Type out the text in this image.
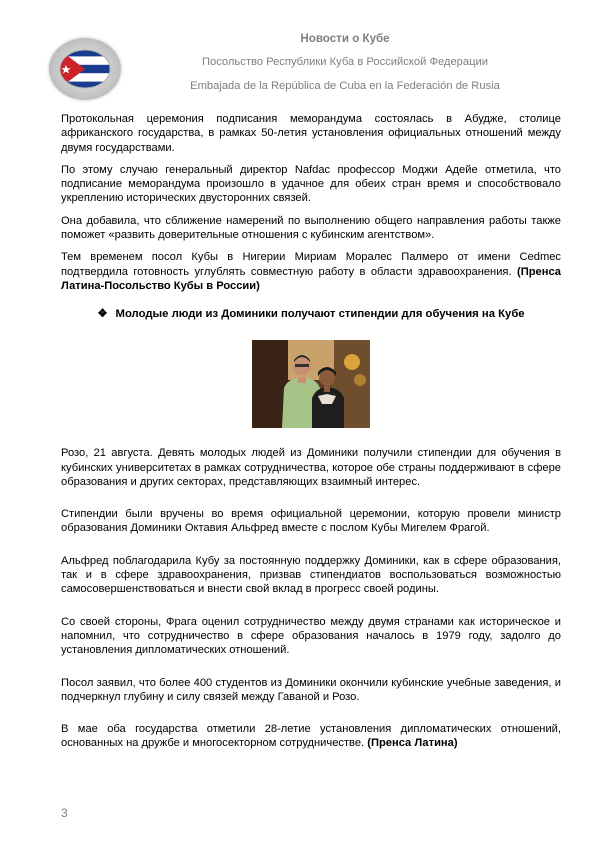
Новости о Кубе
Посольство Республики Куба в Российской Федерации
Embajada de la República de Cuba en la Federación de Rusia

Протокольная церемония подписания меморандума состоялась в Абудже, столице африканского государства, в рамках 50-летия установления официальных отношений между двумя государствами.

По этому случаю генеральный директор Nafdac профессор Моджи Адейе отметила, что подписание меморандума произошло в удачное для обеих стран время и способствовало укреплению исторических двусторонних связей.

Она добавила, что сближение намерений по выполнению общего направления работы также поможет «развить доверительные отношения с кубинским агентством».

Тем временем посол Кубы в Нигерии Мириам Моралес Палмеро от имени Cedmec подтвердила готовность углублять совместную работу в области здравоохранения. (Пренса Латина-Посольство Кубы в России)

❖ Молодые люди из Доминики получают стипендии для обучения на Кубе

Розо, 21 августа. Девять молодых людей из Доминики получили стипендии для обучения в кубинских университетах в рамках сотрудничества, которое обе страны поддерживают в сфере образования и других секторах, представляющих взаимный интерес.

Стипендии были вручены во время официальной церемонии, которую провели министр образования Доминики Октавия Альфред вместе с послом Кубы Мигелем Фрагой.

Альфред поблагодарила Кубу за постоянную поддержку Доминики, как в сфере образования, так и в сфере здравоохранения, призвав стипендиатов воспользоваться возможностью самосовершенствоваться и внести свой вклад в прогресс своей родины.

Со своей стороны, Фрага оценил сотрудничество между двумя странами как историческое и напомнил, что сотрудничество в сфере образования началось в 1979 году, задолго до установления дипломатических отношений.

Посол заявил, что более 400 студентов из Доминики окончили кубинские учебные заведения, и подчеркнул глубину и силу связей между Гаваной и Розо.

В мае оба государства отметили 28-летие установления дипломатических отношений, основанных на дружбе и многосекторном сотрудничестве. (Пренса Латина)

3
